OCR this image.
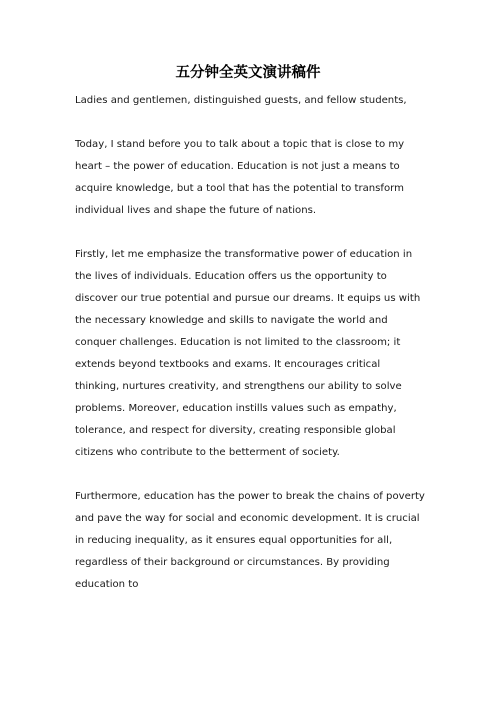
五分钟全英文演讲稿件

Ladies and gentlemen, distinguished guests, and fellow students,

Today, I stand before you to talk about a topic that is close to my heart – the power of education. Education is not just a means to acquire knowledge, but a tool that has the potential to transform individual lives and shape the future of nations.

Firstly, let me emphasize the transformative power of education in the lives of individuals. Education offers us the opportunity to discover our true potential and pursue our dreams. It equips us with the necessary knowledge and skills to navigate the world and conquer challenges. Education is not limited to the classroom; it extends beyond textbooks and exams. It encourages critical thinking, nurtures creativity, and strengthens our ability to solve problems. Moreover, education instills values such as empathy, tolerance, and respect for diversity, creating responsible global citizens who contribute to the betterment of society.

Furthermore, education has the power to break the chains of poverty and pave the way for social and economic development. It is crucial in reducing inequality, as it ensures equal opportunities for all, regardless of their background or circumstances. By providing education to
